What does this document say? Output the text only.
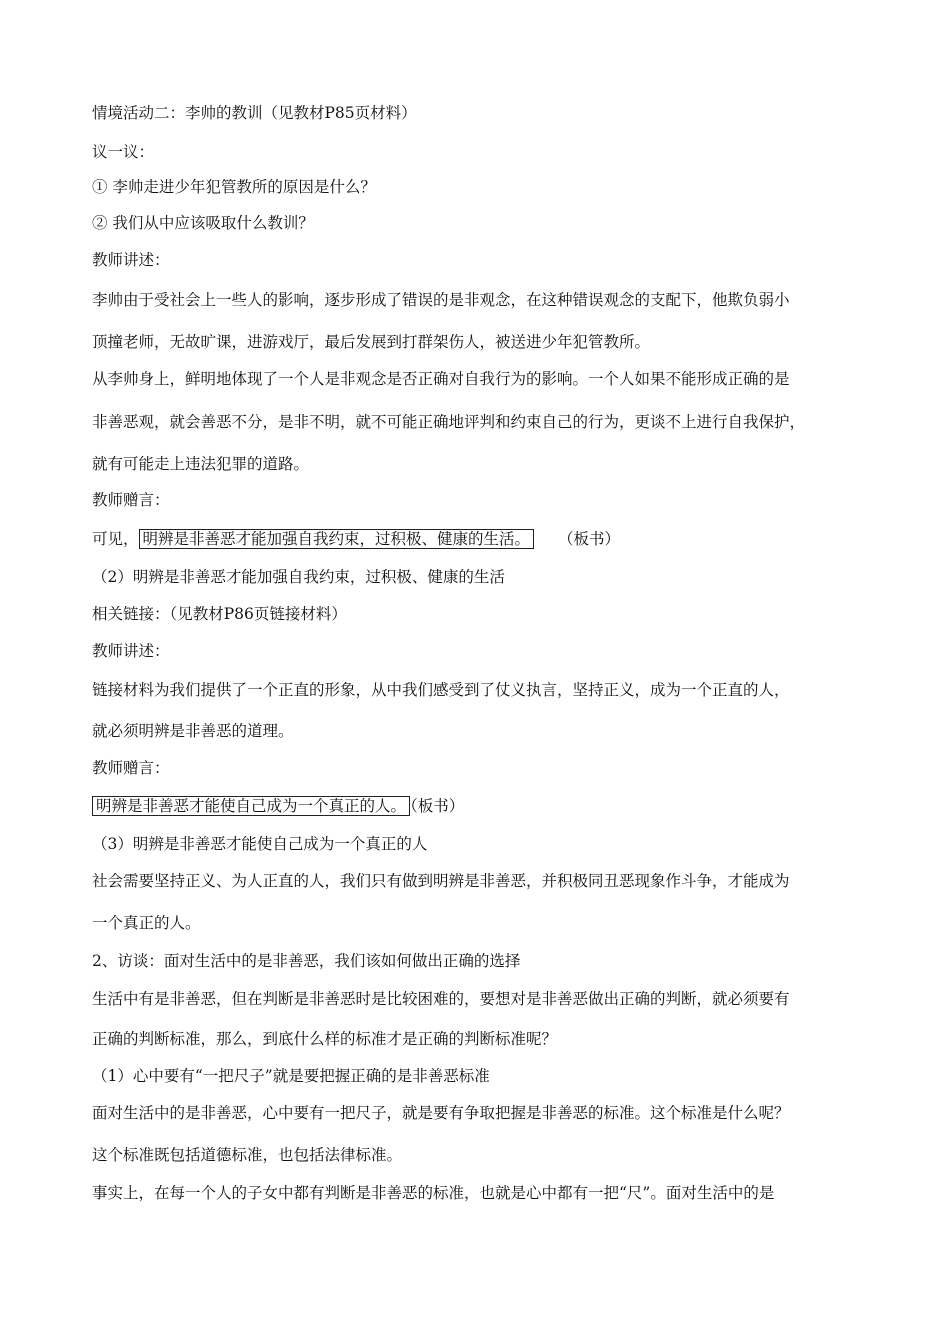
情境活动二：李帅的教训（见教材P85页材料）
议一议：
① 李帅走进少年犯管教所的原因是什么？
② 我们从中应该吸取什么教训？
教师讲述：
李帅由于受社会上一些人的影响，逐步形成了错误的是非观念，在这种错误观念的支配下，他欺负弱小
顶撞老师，无故旷课，进游戏厅，最后发展到打群架伤人，被送进少年犯管教所。
从李帅身上，鲜明地体现了一个人是非观念是否正确对自我行为的影响。一个人如果不能形成正确的是
非善恶观，就会善恶不分，是非不明，就不可能正确地评判和约束自己的行为，更谈不上进行自我保护，
就有可能走上违法犯罪的道路。
教师赠言：
可见， 明辨是非善恶才能加强自我约束，过积极、健康的生活。 （板书）
（2）明辨是非善恶才能加强自我约束，过积极、健康的生活
相关链接：（见教材P86页链接材料）
教师讲述：
链接材料为我们提供了一个正直的形象，从中我们感受到了仗义执言，坚持正义，成为一个正直的人，
就必须明辨是非善恶的道理。
教师赠言：
明辨是非善恶才能使自己成为一个真正的人。 （板书）
（3）明辨是非善恶才能使自己成为一个真正的人
社会需要坚持正义、为人正直的人，我们只有做到明辨是非善恶，并积极同丑恶现象作斗争，才能成为
一个真正的人。
2、访谈：面对生活中的是非善恶，我们该如何做出正确的选择
生活中有是非善恶，但在判断是非善恶时是比较困难的，要想对是非善恶做出正确的判断，就必须要有
正确的判断标准，那么，到底什么样的标准才是正确的判断标准呢？
（1）心中要有“一把尺子”就是要把握正确的是非善恶标准
面对生活中的是非善恶，心中要有一把尺子，就是要有争取把握是非善恶的标准。这个标准是什么呢？
这个标准既包括道德标准，也包括法律标准。
事实上，在每一个人的子女中都有判断是非善恶的标准，也就是心中都有一把“尺”。面对生活中的是
